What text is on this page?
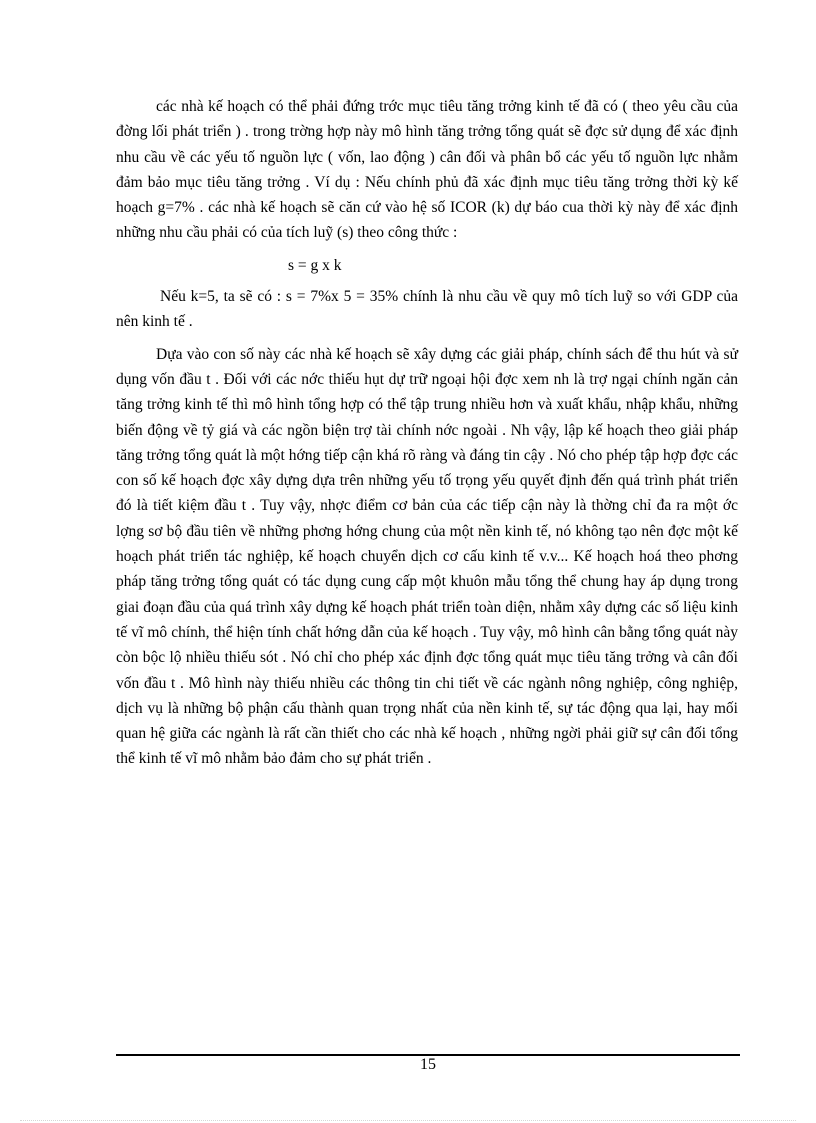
các nhà kế hoạch có thể phải đứng trớc mục tiêu tăng trởng kinh tế đã có ( theo yêu cầu của đờng lối phát triển ) . trong trờng hợp này mô hình tăng trởng tổng quát sẽ đợc sử dụng để xác định nhu cầu về các yếu tố nguồn lực ( vốn, lao động ) cân đối và phân bổ các yếu tố nguồn lực nhằm đảm bảo mục tiêu tăng trởng . Ví dụ : Nếu chính phủ đã xác định mục tiêu tăng trởng thời kỳ kế hoạch g=7% . các nhà kế hoạch sẽ căn cứ vào hệ số ICOR (k) dự báo cua thời kỳ này để xác định những nhu cầu phải có của tích luỹ (s) theo công thức :

s = g x k

Nếu k=5, ta sẽ có : s = 7%x 5 = 35% chính là nhu cầu về quy mô tích luỹ so với GDP của nên kinh tế .

Dựa vào con số này các nhà kế hoạch sẽ xây dựng các giải pháp, chính sách để thu hút và sử dụng vốn đầu t . Đối với các nớc thiếu hụt dự trữ ngoại hội đợc xem nh là trợ ngại chính ngăn cản tăng trởng kinh tế thì mô hình tổng hợp có thể tập trung nhiều hơn và xuất khẩu, nhập khẩu, những biến động về tỷ giá và các ngồn biện trợ tài chính nớc ngoài . Nh vậy, lập kế hoạch theo giải pháp tăng trởng tổng quát là một hớng tiếp cận khá rõ ràng và đáng tin cậy . Nó cho phép tập hợp đợc các con số kế hoạch đợc xây dựng dựa trên những yếu tố trọng yếu quyết định đến quá trình phát triển đó là tiết kiệm đầu t . Tuy vậy, nhợc điểm cơ bản của các tiếp cận này là thờng chỉ đa ra một ớc lợng sơ bộ đầu tiên về những phơng hớng chung của một nền kinh tế, nó không tạo nên đợc một kế hoạch phát triển tác nghiệp, kế hoạch chuyển dịch cơ cấu kinh tế v.v... Kế hoạch hoá theo phơng pháp tăng trởng tổng quát có tác dụng cung cấp một khuôn mẫu tổng thể chung hay áp dụng trong giai đoạn đầu của quá trình xây dựng kế hoạch phát triển toàn diện, nhằm xây dựng các số liệu kinh tế vĩ mô chính, thể hiện tính chất hớng dẫn của kế hoạch . Tuy vậy, mô hình cân bằng tổng quát này còn bộc lộ nhiều thiếu sót . Nó chỉ cho phép xác định đợc tổng quát mục tiêu tăng trởng và cân đối vốn đầu t . Mô hình này thiếu nhiều các thông tin chi tiết về các ngành nông nghiệp, công nghiệp, dịch vụ là những bộ phận cấu thành quan trọng nhất của nền kinh tế, sự tác động qua lại, hay mối quan hệ giữa các ngành là rất cần thiết cho các nhà kế hoạch , những ngời phải giữ sự cân đối tổng thể kinh tế vĩ mô nhằm bảo đảm cho sự phát triển .

15
